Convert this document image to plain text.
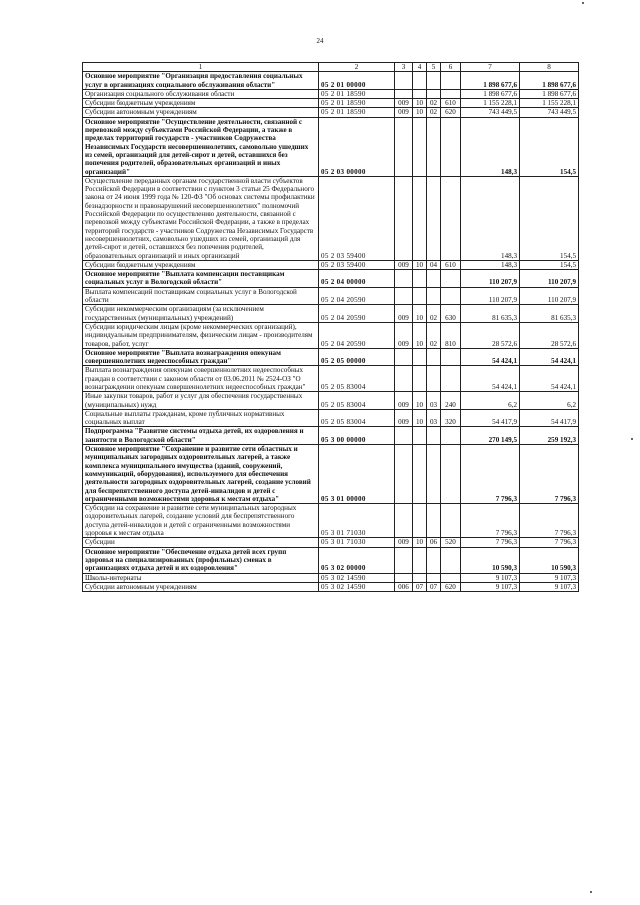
24
1	2	3	4	5	6	7	8
Основное мероприятие "Организация предоставления социальных услуг в организациях социального обслуживания области"	05 2 01 00000					1 898 677,6	1 898 677,6
Организация социального обслуживания области	05 2 01 18590					1 898 677,6	1 898 677,6
Субсидии бюджетным учреждениям	05 2 01 18590	009	10	02	610	1 155 228,1	1 155 228,1
Субсидии автономным учреждениям	05 2 01 18590	009	10	02	620	743 449,5	743 449,5
Основное мероприятие "Осуществление деятельности, связанной с перевозкой между субъектами Российской Федерации, а также в пределах территорий государств - участников Содружества Независимых Государств несовершеннолетних, самовольно ушедших из семей, организаций для детей-сирот и детей, оставшихся без попечения родителей, образовательных организаций и иных организаций"	05 2 03 00000					148,3	154,5
Осуществление переданных органам государственной власти субъектов Российской Федерации в соответствии с пунктом 3 статьи 25 Федерального закона от 24 июня 1999 года № 120-ФЗ "Об основах системы профилактики безнадзорности и правонарушений несовершеннолетних" полномочий Российской Федерации по осуществлению деятельности, связанной с перевозкой между субъектами Российской Федерации, а также в пределах территорий государств - участников Содружества Независимых Государств несовершеннолетних, самовольно ушедших из семей, организаций для детей-сирот и детей, оставшихся без попечения родителей, образовательных организаций и иных организаций	05 2 03 59400					148,3	154,5
Субсидии бюджетным учреждениям	05 2 03 59400	009	10	04	610	148,3	154,5
Основное мероприятие "Выплата компенсации поставщикам социальных услуг в Вологодской области"	05 2 04 00000					110 207,9	110 207,9
Выплата компенсаций поставщикам социальных услуг в Вологодской области	05 2 04 20590					110 207,9	110 207,9
Субсидии некоммерческим организациям (за исключением государственных (муниципальных) учреждений)	05 2 04 20590	009	10	02	630	81 635,3	81 635,3
Субсидии юридическим лицам (кроме некоммерческих организаций), индивидуальным предпринимателям, физическим лицам - производителям товаров, работ, услуг	05 2 04 20590	009	10	02	810	28 572,6	28 572,6
Основное мероприятие "Выплата вознаграждения опекунам совершеннолетних недееспособных граждан"	05 2 05 00000					54 424,1	54 424,1
Выплата вознаграждения опекунам совершеннолетних недееспособных граждан в соответствии с законом области от 03.06.2011 № 2524-ОЗ "О вознаграждении опекунам совершеннолетних недееспособных граждан"	05 2 05 83004					54 424,1	54 424,1
Иные закупки товаров, работ и услуг для обеспечения государственных (муниципальных) нужд	05 2 05 83004	009	10	03	240	6,2	6,2
Социальные выплаты гражданам, кроме публичных нормативных социальных выплат	05 2 05 83004	009	10	03	320	54 417,9	54 417,9
Подпрограмма "Развитие системы отдыха детей, их оздоровления и занятости в Вологодской области"	05 3 00 00000					270 149,5	259 192,3
Основное мероприятие "Сохранение и развитие сети областных и муниципальных загородных оздоровительных лагерей, а также комплекса муниципального имущества (зданий, сооружений, коммуникаций, оборудования), используемого для обеспечения деятельности загородных оздоровительных лагерей, создание условий для беспрепятственного доступа детей-инвалидов и детей с ограниченными возможностями здоровья к местам отдыха"	05 3 01 00000					7 796,3	7 796,3
Субсидии на сохранение и развитие сети муниципальных загородных оздоровительных лагерей, создание условий для беспрепятственного доступа детей-инвалидов и детей с ограниченными возможностями здоровья к местам отдыха	05 3 01 71030					7 796,3	7 796,3
Субсидии	05 3 01 71030	009	10	06	520	7 796,3	7 796,3
Основное мероприятие "Обеспечение отдыха детей всех групп здоровья на специализированных (профильных) сменах в организациях отдыха детей и их оздоровления"	05 3 02 00000					10 590,3	10 590,3
Школы-интернаты	05 3 02 14590					9 107,3	9 107,3
Субсидии автономным учреждениям	05 3 02 14590	006	07	07	620	9 107,3	9 107,3
